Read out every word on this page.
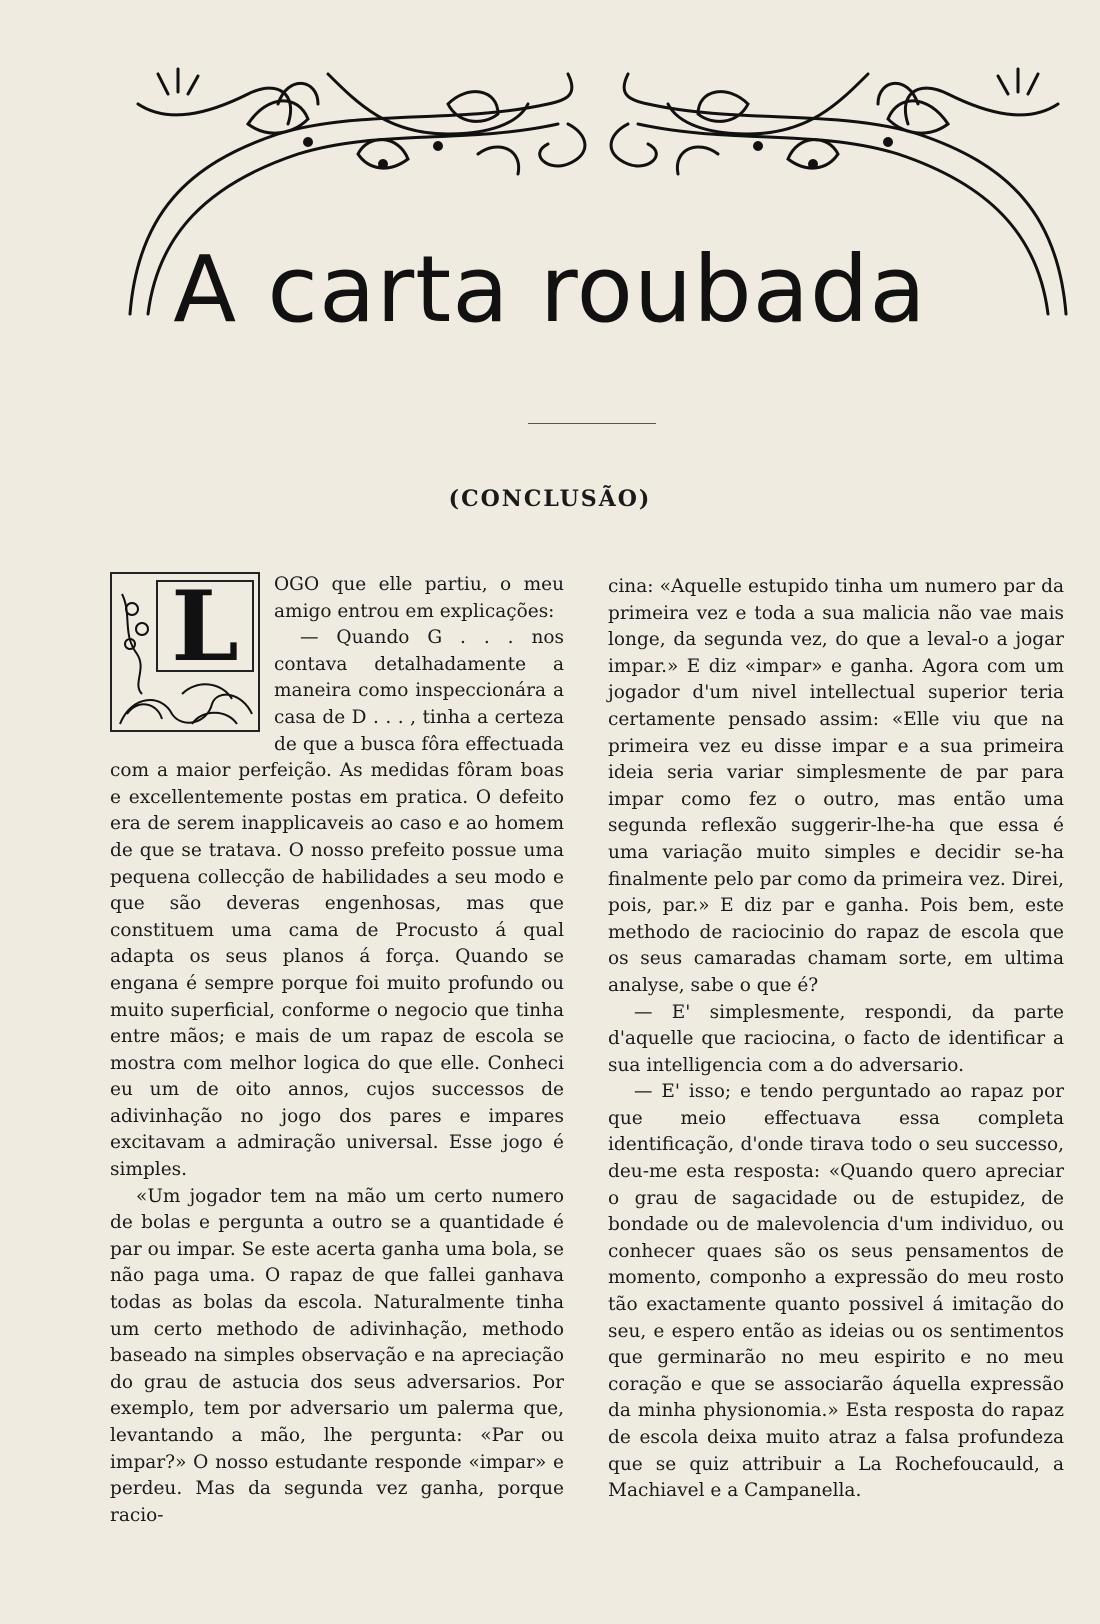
A carta roubada
(CONCLUSÃO)
L	OGO que elle partiu, o meu amigo entrou em explicações:

— Quando G . . . nos contava detalhadamente a maneira como inspeccionára a casa de D . . . , tinha a certeza de que a busca fôra effectuada com a maior perfeição. As medidas fôram boas e excellentemente postas em pratica. O defeito era de serem inapplicaveis ao caso e ao homem de que se tratava. O nosso prefeito possue uma pequena collecção de habilidades a seu modo e que são deveras engenhosas, mas que constituem uma cama de Procusto á qual adapta os seus planos á força. Quando se engana é sempre porque foi muito profundo ou muito superficial, conforme o negocio que tinha entre mãos; e mais de um rapaz de escola se mostra com melhor logica do que elle. Conheci eu um de oito annos, cujos successos de adivinhação no jogo dos pares e impares excitavam a admiração universal. Esse jogo é simples.

«Um jogador tem na mão um certo numero de bolas e pergunta a outro se a quantidade é par ou impar. Se este acerta ganha uma bola, se não paga uma. O rapaz de que fallei ganhava todas as bolas da escola. Naturalmente tinha um certo methodo de adivinhação, methodo baseado na simples observação e na apreciação do grau de astucia dos seus adversarios. Por exemplo, tem por adversario um palerma que, levantando a mão, lhe pergunta: «Par ou impar?» O nosso estudante responde «impar» e perdeu. Mas da segunda vez ganha, porque racio-

cina: «Aquelle estupido tinha um numero par da primeira vez e toda a sua malicia não vae mais longe, da segunda vez, do que a leval-o a jogar impar.» E diz «impar» e ganha. Agora com um jogador d'um nivel intellectual superior teria certamente pensado assim: «Elle viu que na primeira vez eu disse impar e a sua primeira ideia seria variar simplesmente de par para impar como fez o outro, mas então uma segunda reflexão suggerir-lhe-ha que essa é uma variação muito simples e decidir se-ha finalmente pelo par como da primeira vez. Direi, pois, par.» E diz par e ganha. Pois bem, este methodo de raciocinio do rapaz de escola que os seus camaradas chamam sorte, em ultima analyse, sabe o que é?

— E' simplesmente, respondi, da parte d'aquelle que raciocina, o facto de identificar a sua intelligencia com a do adversario.

— E' isso; e tendo perguntado ao rapaz por que meio effectuava essa completa identificação, d'onde tirava todo o seu successo, deu-me esta resposta: «Quando quero apreciar o grau de sagacidade ou de estupidez, de bondade ou de malevolencia d'um individuo, ou conhecer quaes são os seus pensamentos de momento, componho a expressão do meu rosto tão exactamente quanto possivel á imitação do seu, e espero então as ideias ou os sentimentos que germinarão no meu espirito e no meu coração e que se associarão áquella expressão da minha physionomia.» Esta resposta do rapaz de escola deixa muito atraz a falsa profundeza que se quiz attribuir a La Rochefoucauld, a Machiavel e a Campanella.
